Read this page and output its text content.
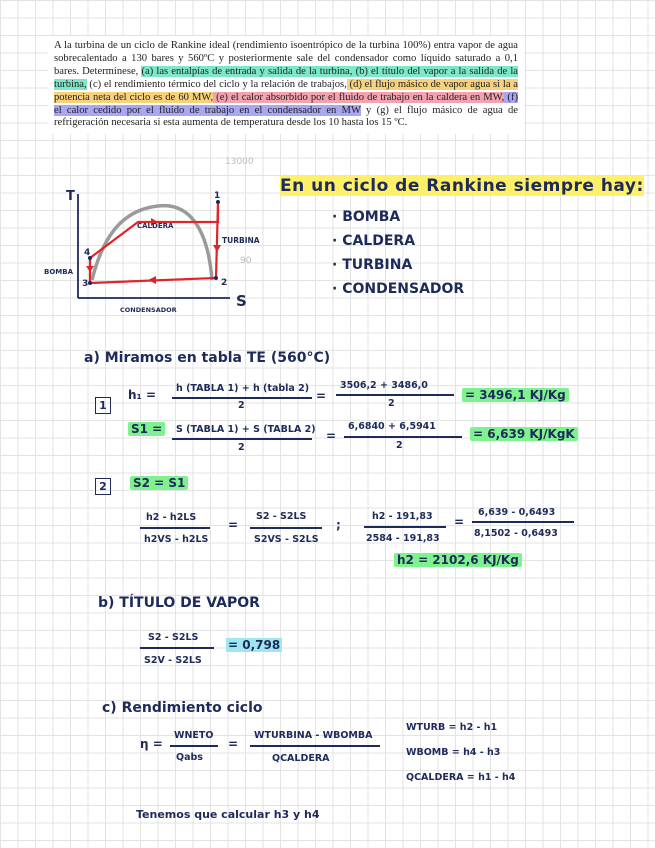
A la turbina de un ciclo de Rankine ideal (rendimiento isoentrópico de la turbina 100%) entra vapor de agua sobrecalentado a 130 bares y 560ºC y posteriormente sale del condensador como líquido saturado a 0,1 bares. Determínese, (a) las entalpías de entrada y salida de la turbina, (b) el título del vapor a la salida de la turbina, (c) el rendimiento térmico del ciclo y la relación de trabajos, (d) el flujo másico de vapor agua si la a potencia neta del ciclo es de 60 MW, (e) el calor absorbido por el fluido de trabajo en la caldera en MW, (f) el calor cedido por el fluido de trabajo en el condensador en MW y (g) el flujo másico de agua de refrigeración necesaria si esta aumenta de temperatura desde los 10 hasta los 15 ºC.
13000
90
T
S
CALDERA
TURBINA
BOMBA
CONDENSADOR
1
2
3
4
En un ciclo de Rankine siempre hay:
· BOMBA
· CALDERA
· TURBINA
· CONDENSADOR
a) Miramos en tabla TE (560°C)
1
h₁ = h (TABLA 1) + h (tabla 2)
2
=
3506,2 + 3486,0
2
= 3496,1 KJ/Kg
S1 =	S (TABLA 1) + S (TABLA 2)
2
=
6,6840 + 6,5941
2
= 6,639 KJ/KgK
2	S2 = S1
h2 - h2LS
h2VS - h2LS
=
S2 - S2LS
S2VS - S2LS
;
h2 - 191,83
2584 - 191,83
=
6,639 - 0,6493
8,1502 - 0,6493
h2 = 2102,6 KJ/Kg
b) TÍTULO DE VAPOR
S2 - S2LS
S2V - S2LS
= 0,798
c) Rendimiento ciclo
η =
WNETO
Qabs
=
WTURBINA - WBOMBA
QCALDERA
WTURB = h2 - h1
WBOMB = h4 - h3
QCALDERA = h1 - h4
Tenemos que calcular h3 y h4
